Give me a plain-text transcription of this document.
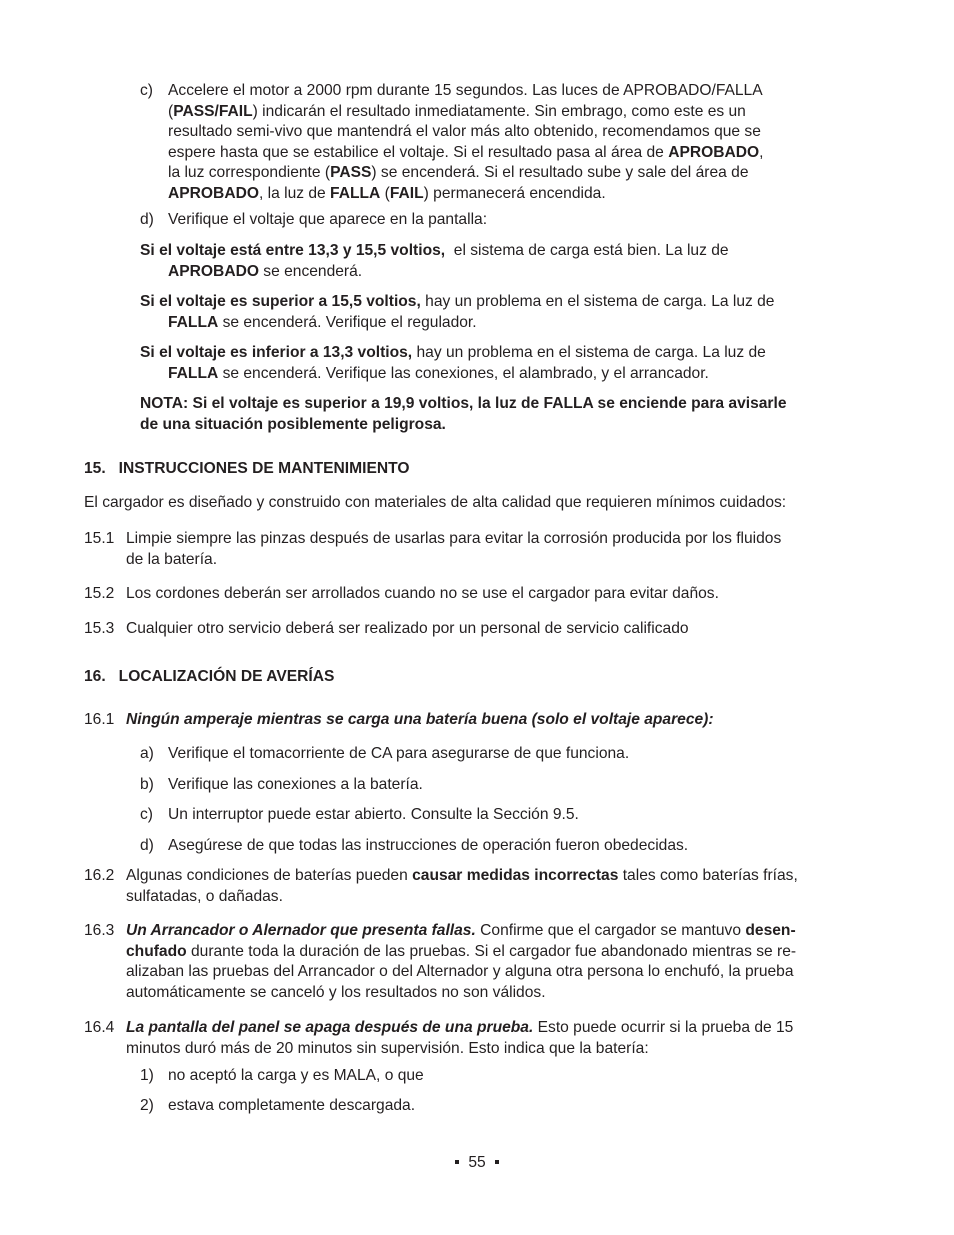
c) Accelere el motor a 2000 rpm durante 15 segundos. Las luces de APROBADO/FALLA
(PASS/FAIL) indicarán el resultado inmediatamente. Sin embrago, como este es un
resultado semi-vivo que mantendrá el valor más alto obtenido, recomendamos que se
espere hasta que se estabilice el voltaje. Si el resultado pasa al área de APROBADO,
la luz correspondiente (PASS) se encenderá. Si el resultado sube y sale del área de
APROBADO, la luz de FALLA (FAIL) permanecerá encendida.
d) Verifique el voltaje que aparece en la pantalla:
Si el voltaje está entre 13,3 y 15,5 voltios, el sistema de carga está bien. La luz de
APROBADO se encenderá.
Si el voltaje es superior a 15,5 voltios, hay un problema en el sistema de carga. La luz de
FALLA se encenderá. Verifique el regulador.
Si el voltaje es inferior a 13,3 voltios, hay un problema en el sistema de carga. La luz de
FALLA se encenderá. Verifique las conexiones, el alambrado, y el arrancador.
NOTA: Si el voltaje es superior a 19,9 voltios, la luz de FALLA se enciende para avisarle
de una situación posiblemente peligrosa.
15.   INSTRUCCIONES DE MANTENIMIENTO
El cargador es diseñado y construido con materiales de alta calidad que requieren mínimos cuidados:
15.1 Limpie siempre las pinzas después de usarlas para evitar la corrosión producida por los fluidos
de la batería.
15.2 Los cordones deberán ser arrollados cuando no se use el cargador para evitar daños.
15.3 Cualquier otro servicio deberá ser realizado por un personal de servicio calificado
16.   LOCALIZACIÓN DE AVERÍAS
16.1 Ningún amperaje mientras se carga una batería buena (solo el voltaje aparece):
a) Verifique el tomacorriente de CA para asegurarse de que funciona.
b) Verifique las conexiones a la batería.
c) Un interruptor puede estar abierto. Consulte la Sección 9.5.
d) Asegúrese de que todas las instrucciones de operación fueron obedecidas.
16.2 Algunas condiciones de baterías pueden causar medidas incorrectas tales como baterías frías,
sulfatadas, o dañadas.
16.3 Un Arrancador o Alernador que presenta fallas. Confirme que el cargador se mantuvo desen-
chufado durante toda la duración de las pruebas. Si el cargador fue abandonado mientras se re-
alizaban las pruebas del Arrancador o del Alternador y alguna otra persona lo enchufó, la prueba
automáticamente se canceló y los resultados no son válidos.
16.4 La pantalla del panel se apaga después de una prueba. Esto puede ocurrir si la prueba de 15
minutos duró más de 20 minutos sin supervisión. Esto indica que la batería:
1) no aceptó la carga y es MALA, o que
2) estava completamente descargada.
55
